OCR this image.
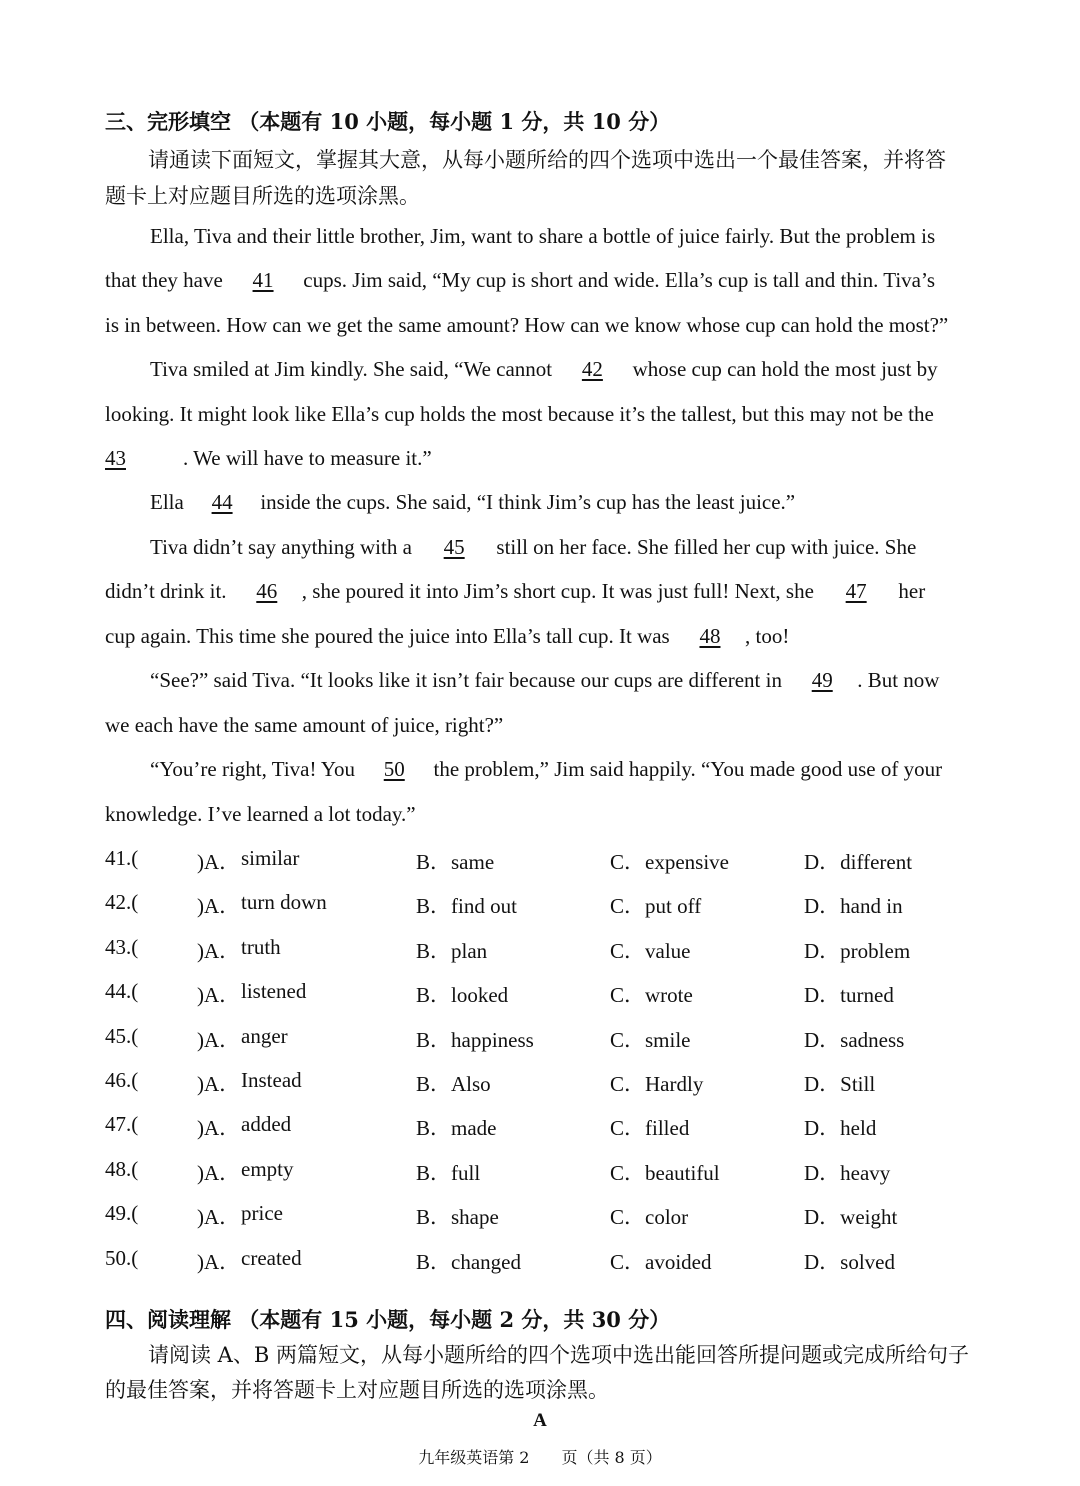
三、完形填空 （本题有 10 小题，每小题 1 分，共 10 分）
请通读下面短文，掌握其大意，从每小题所给的四个选项中选出一个最佳答案，并将答
题卡上对应题目所选的选项涂黑。
Ella, Tiva and their little brother, Jim, want to share a bottle of juice fairly. But the problem is
that they have 41 cups. Jim said, “My cup is short and wide. Ella’s cup is tall and thin. Tiva’s
is in between. How can we get the same amount? How can we know whose cup can hold the most?”
Tiva smiled at Jim kindly. She said, “We cannot 42 whose cup can hold the most just by
looking. It might look like Ella’s cup holds the most because it’s the tallest, but this may not be the
43	. We will have to measure it.”
Ella 44 inside the cups. She said, “I think Jim’s cup has the least juice.”
Tiva didn’t say anything with a 45 still on her face. She filled her cup with juice. She
didn’t drink it. 46 , she poured it into Jim’s short cup. It was just full! Next, she 47 her
cup again. This time she poured the juice into Ella’s tall cup. It was 48 , too!
“See?” said Tiva. “It looks like it isn’t fair because our cups are different in 49 . But now
we each have the same amount of juice, right?”
“You’re right, Tiva! You 50 the problem,” Jim said happily. “You made good use of your
knowledge. I’ve learned a lot today.”
41.(	)A． similar	B．same	C．expensive	D．different
42.(	)A． turn down	B．find out	C．put off	D．hand in
43.(	)A． truth	B．plan	C．value	D．problem
44.(	)A． listened	B．looked	C．wrote	D．turned
45.(	)A． anger	B．happiness	C．smile	D．sadness
46.(	)A． Instead	B．Also	C．Hardly	D．Still
47.(	)A． added	B．made	C．filled	D．held
48.(	)A． empty	B．full	C．beautiful	D．heavy
49.(	)A． price	B．shape	C．color	D．weight
50.(	)A． created	B．changed	C．avoided	D．solved
四、阅读理解 （本题有 15 小题，每小题 2 分，共 30 分）
请阅读 A、B 两篇短文，从每小题所给的四个选项中选出能回答所提问题或完成所给句子
的最佳答案，并将答题卡上对应题目所选的选项涂黑。
A
九年级英语第 2　　页（共 8 页）
